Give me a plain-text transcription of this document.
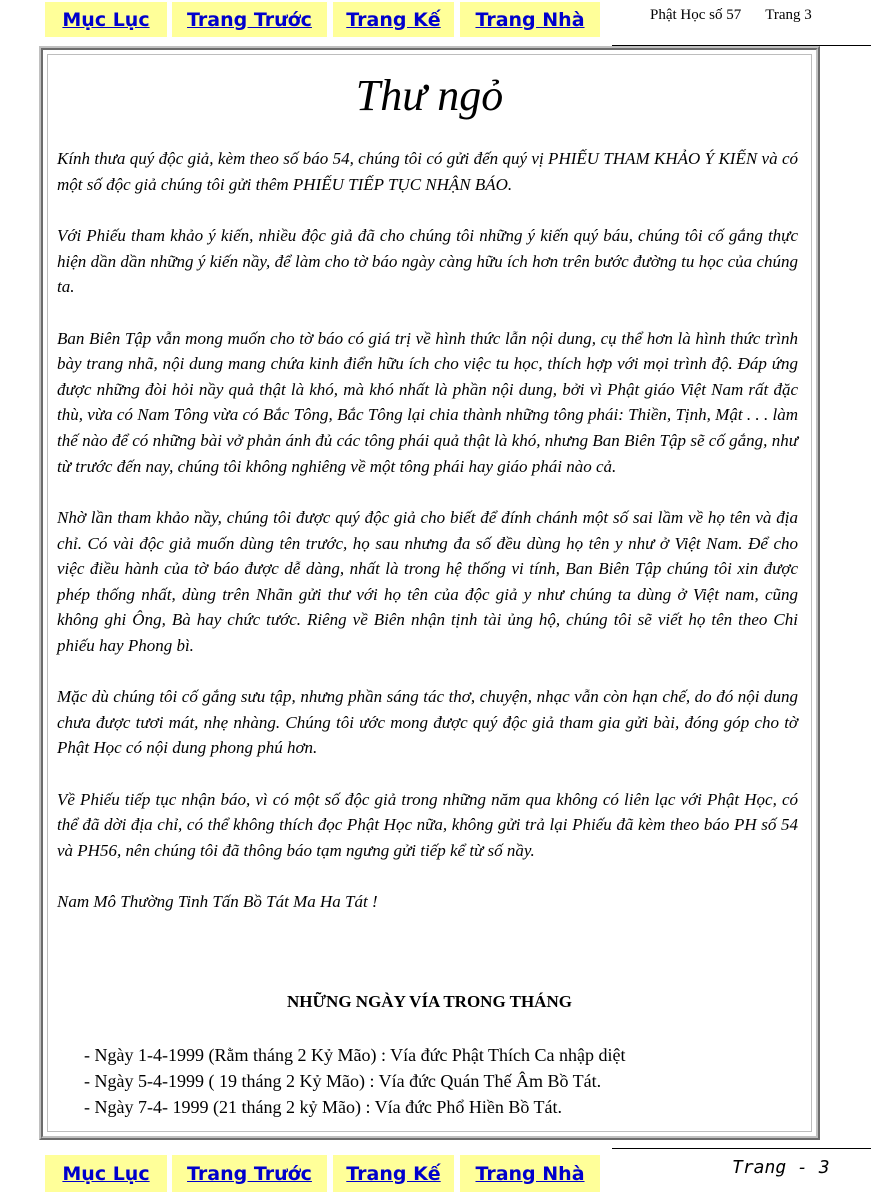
Mục Lục	Trang Trước	Trang Kế	Trang Nhà	Phật Học số 57 Trang 3
Thư ngỏ

Kính thưa quý độc giả, kèm theo số báo 54, chúng tôi có gửi đến quý vị PHIẾU THAM KHẢO Ý KIẾN và có một số độc giả chúng tôi gửi thêm PHIẾU TIẾP TỤC NHẬN BÁO.

Với Phiếu tham khảo ý kiến, nhiều độc giả đã cho chúng tôi những ý kiến quý báu, chúng tôi cố gắng thực hiện dần dần những ý kiến nầy, để làm cho tờ báo ngày càng hữu ích hơn trên bước đường tu học của chúng ta.

Ban Biên Tập vẫn mong muốn cho tờ báo có giá trị về hình thức lẫn nội dung, cụ thể hơn là hình thức trình bày trang nhã, nội dung mang chứa kinh điển hữu ích cho việc tu học, thích hợp với mọi trình độ. Đáp ứng được những đòi hỏi nầy quả thật là khó, mà khó nhất là phần nội dung, bởi vì Phật giáo Việt Nam rất đặc thù, vừa có Nam Tông vừa có Bắc Tông, Bắc Tông lại chia thành những tông phái: Thiền, Tịnh, Mật . . . làm thế nào để có những bài vở phản ánh đủ các tông phái quả thật là khó, nhưng Ban Biên Tập sẽ cố gắng, như từ trước đến nay, chúng tôi không nghiêng về một tông phái hay giáo phái nào cả.

Nhờ lần tham khảo nầy, chúng tôi được quý độc giả cho biết để đính chánh một số sai lầm về họ tên và địa chỉ. Có vài độc giả muốn dùng tên trước, họ sau nhưng đa số đều dùng họ tên y như ở Việt Nam. Để cho việc điều hành của tờ báo được dễ dàng, nhất là trong hệ thống vi tính, Ban Biên Tập chúng tôi xin được phép thống nhất, dùng trên Nhãn gửi thư với họ tên của độc giả y như chúng ta dùng ở Việt nam, cũng không ghi Ông, Bà hay chức tước. Riêng về Biên nhận tịnh tài ủng hộ, chúng tôi sẽ viết họ tên theo Chi phiếu hay Phong bì.

Mặc dù chúng tôi cố gắng sưu tập, nhưng phần sáng tác thơ, chuyện, nhạc vẫn còn hạn chế, do đó nội dung chưa được tươi mát, nhẹ nhàng. Chúng tôi ước mong được quý độc giả tham gia gửi bài, đóng góp cho tờ Phật Học có nội dung phong phú hơn.

Về Phiếu tiếp tục nhận báo, vì có một số độc giả trong những năm qua không có liên lạc với Phật Học, có thể đã dời địa chỉ, có thể không thích đọc Phật Học nữa, không gửi trả lại Phiếu đã kèm theo báo PH số 54 và PH56, nên chúng tôi đã thông báo tạm ngưng gửi tiếp kể từ số nầy.

Nam Mô Thường Tinh Tấn Bồ Tát Ma Ha Tát !

NHỮNG NGÀY VÍA TRONG THÁNG
- Ngày 1-4-1999 (Rằm tháng 2 Kỷ Mão) : Vía đức Phật Thích Ca nhập diệt
- Ngày 5-4-1999 ( 19 tháng 2 Kỷ Mão) : Vía đức Quán Thế Âm Bồ Tát.
- Ngày 7-4- 1999 (21 tháng 2 kỷ Mão) : Vía đức Phổ Hiền Bồ Tát.
Mục Lục	Trang Trước	Trang Kế	Trang Nhà	Trang - 3
